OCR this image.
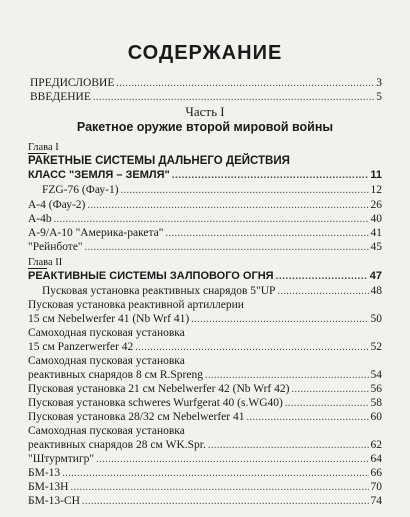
СОДЕРЖАНИЕ
ПРЕДИСЛОВИЕ .....	3
ВВЕДЕНИЕ .....	5
Часть I
Ракетное оружие второй мировой войны
Глава I
РАКЕТНЫЕ СИСТЕМЫ ДАЛЬНЕГО ДЕЙСТВИЯ
КЛАСС "ЗЕМЛЯ – ЗЕМЛЯ" .....	11
FZG-76 (Фау-1) .....	12
А-4 (Фау-2) .....	26
А-4b .....	40
А-9/А-10 "Америка-ракета" .....	41
"Рейнботе" .....	45
Глава II
РЕАКТИВНЫЕ СИСТЕМЫ ЗАЛПОВОГО ОГНЯ .....	47
Пусковая установка реактивных снарядов 5"UP .....	48
Пусковая установка реактивной артиллерии
15 см Nebelwerfer 41 (Nb Wrf 41) .....	50
Самоходная пусковая установка
15 см Panzerwerfer 42 .....	52
Самоходная пусковая установка
реактивных снарядов 8 см R.Spreng .....	54
Пусковая установка 21 см Nebelwerfer 42 (Nb Wrf 42) .....	56
Пусковая установка schweres Wurfgerat 40 (s.WG40) .....	58
Пусковая установка 28/32 см Nebelwerfer 41 .....	60
Самоходная пусковая установка
реактивных снарядов 28 см WK.Spr. .....	62
"Штурмтигр" .....	64
БМ-13 .....	66
БМ-13Н .....	70
БМ-13-СН .....	74
